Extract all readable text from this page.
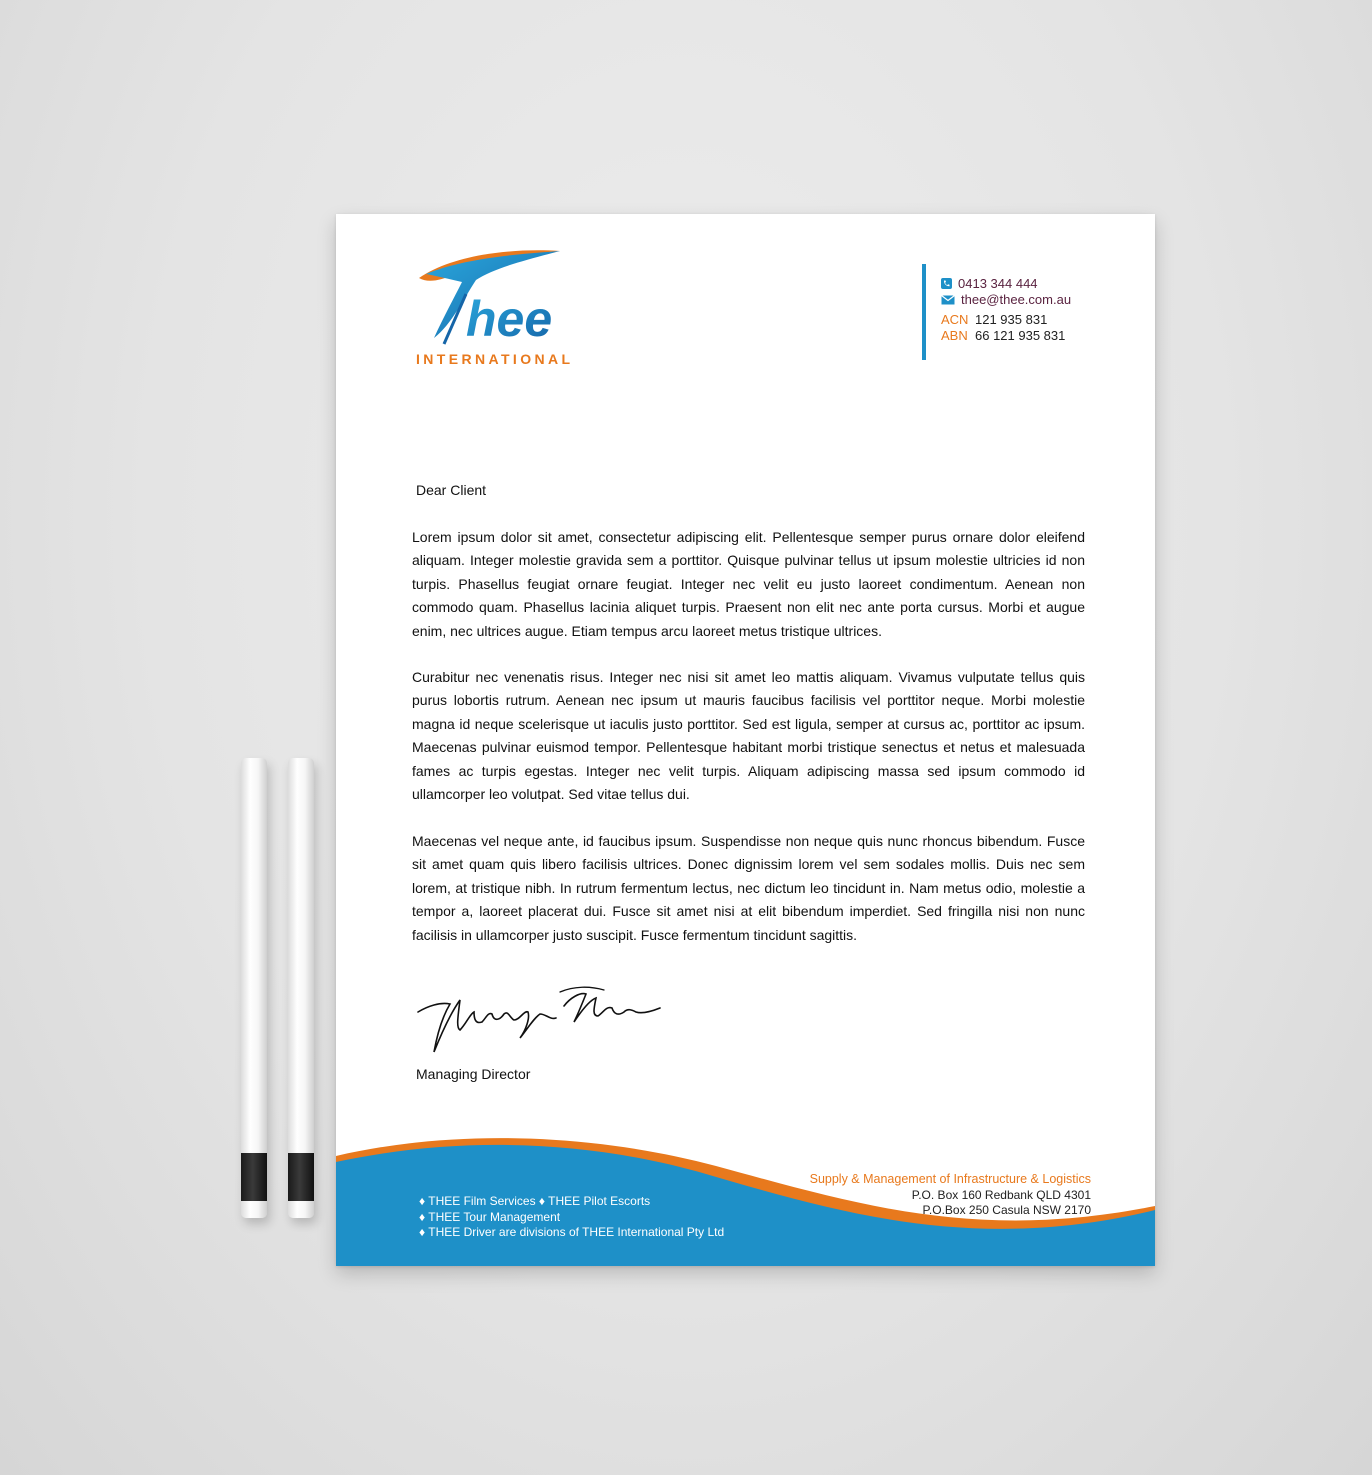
hee
INTERNATIONAL
0413 344 444
thee@thee.com.au
ACN 121 935 831
ABN 66 121 935 831
Dear Client

Lorem ipsum dolor sit amet, consectetur adipiscing elit. Pellentesque semper purus ornare dolor eleifend aliquam. Integer molestie gravida sem a porttitor. Quisque pulvinar tellus ut ipsum molestie ultricies id non turpis. Phasellus feugiat ornare feugiat. Integer nec velit eu justo laoreet condimentum. Aenean non commodo quam. Phasellus lacinia aliquet turpis. Praesent non elit nec ante porta cursus. Morbi et augue enim, nec ultrices augue. Etiam tempus arcu laoreet metus tristique ultrices.

Curabitur nec venenatis risus. Integer nec nisi sit amet leo mattis aliquam. Vivamus vulputate tellus quis purus lobortis rutrum. Aenean nec ipsum ut mauris faucibus facilisis vel porttitor neque. Morbi molestie magna id neque scelerisque ut iaculis justo porttitor. Sed est ligula, semper at cursus ac, porttitor ac ipsum. Maecenas pulvinar euismod tempor. Pellentesque habitant morbi tristique senectus et netus et malesuada fames ac turpis egestas. Integer nec velit turpis. Aliquam adipiscing massa sed ipsum commodo id ullamcorper leo volutpat. Sed vitae tellus dui.

Maecenas vel neque ante, id faucibus ipsum. Suspendisse non neque quis nunc rhoncus bibendum. Fusce sit amet quam quis libero facilisis ultrices. Donec dignissim lorem vel sem sodales mollis. Duis nec sem lorem, at tristique nibh. In rutrum fermentum lectus, nec dictum leo tincidunt in. Nam metus odio, molestie a tempor a, laoreet placerat dui. Fusce sit amet nisi at elit bibendum imperdiet. Sed fringilla nisi non nunc facilisis in ullamcorper justo suscipit. Fusce fermentum tincidunt sagittis.

Managing Director
♦ THEE Film Services ♦ THEE Pilot Escorts
♦ THEE Tour Management
♦ THEE Driver are divisions of THEE International Pty Ltd
Supply & Management of Infrastructure & Logistics
P.O. Box 160 Redbank QLD 4301
P.O.Box 250 Casula NSW 2170
